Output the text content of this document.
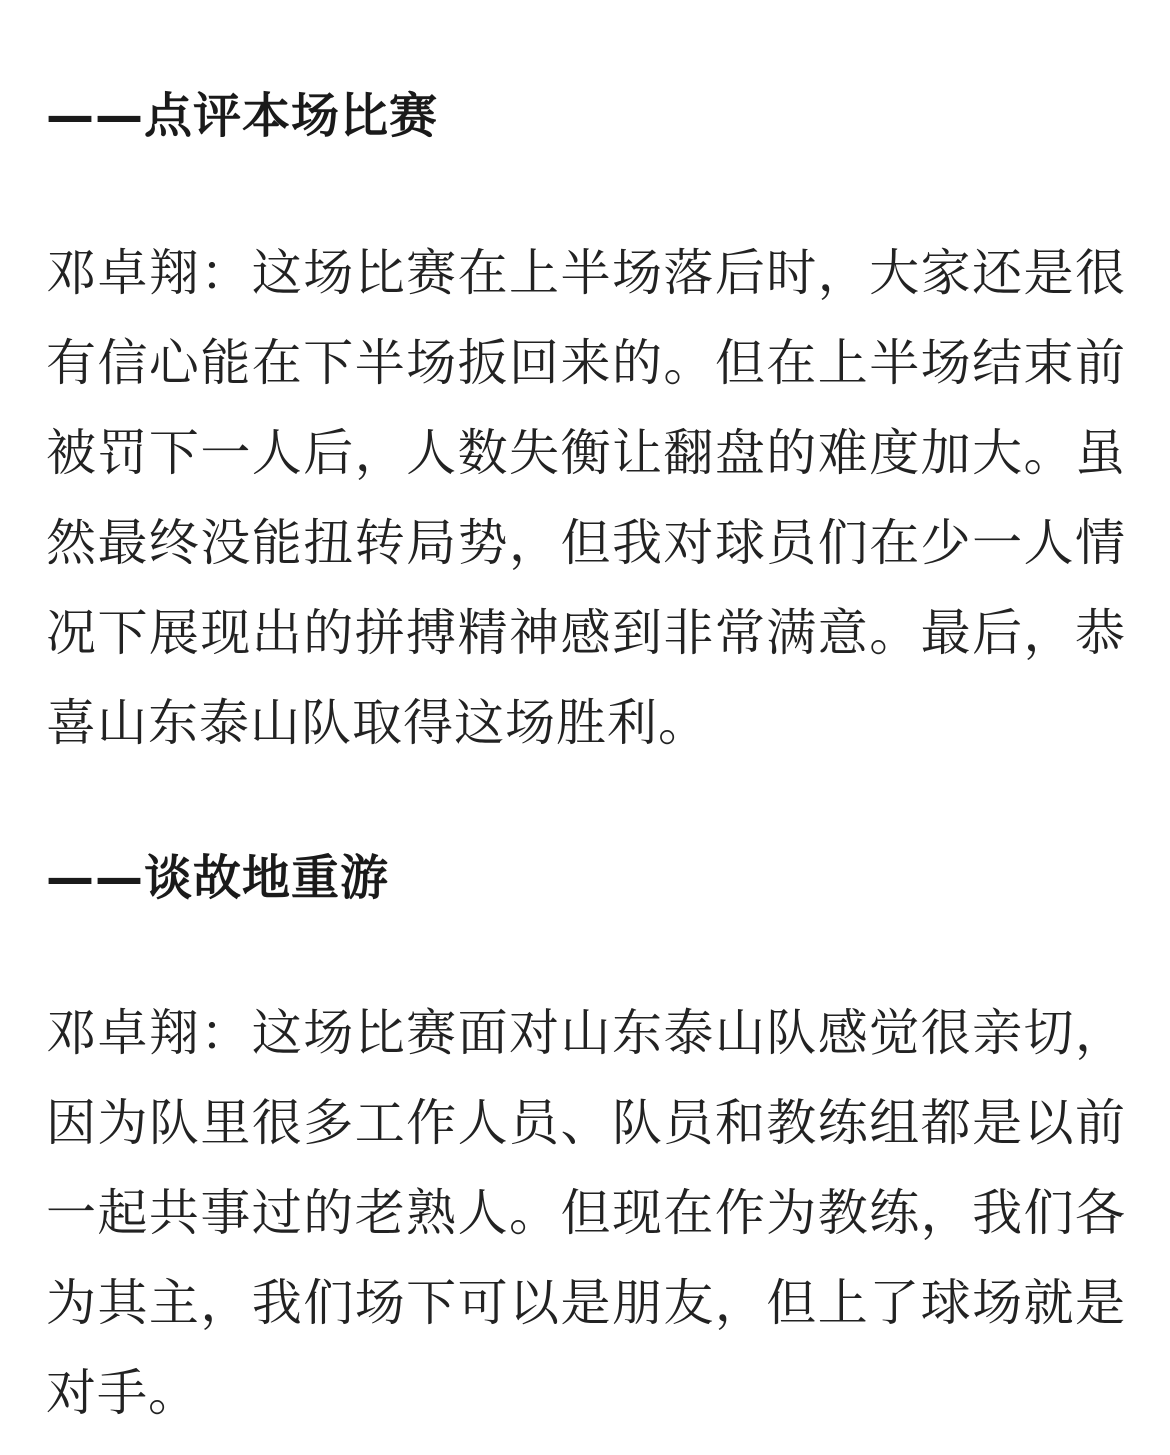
——点评本场比赛

邓卓翔：这场比赛在上半场落后时，大家还是很有信心能在下半场扳回来的。但在上半场结束前被罚下一人后，人数失衡让翻盘的难度加大。虽然最终没能扭转局势，但我对球员们在少一人情况下展现出的拼搏精神感到非常满意。最后，恭喜山东泰山队取得这场胜利。

——谈故地重游

邓卓翔：这场比赛面对山东泰山队感觉很亲切，因为队里很多工作人员、队员和教练组都是以前一起共事过的老熟人。但现在作为教练，我们各为其主，我们场下可以是朋友，但上了球场就是对手。
